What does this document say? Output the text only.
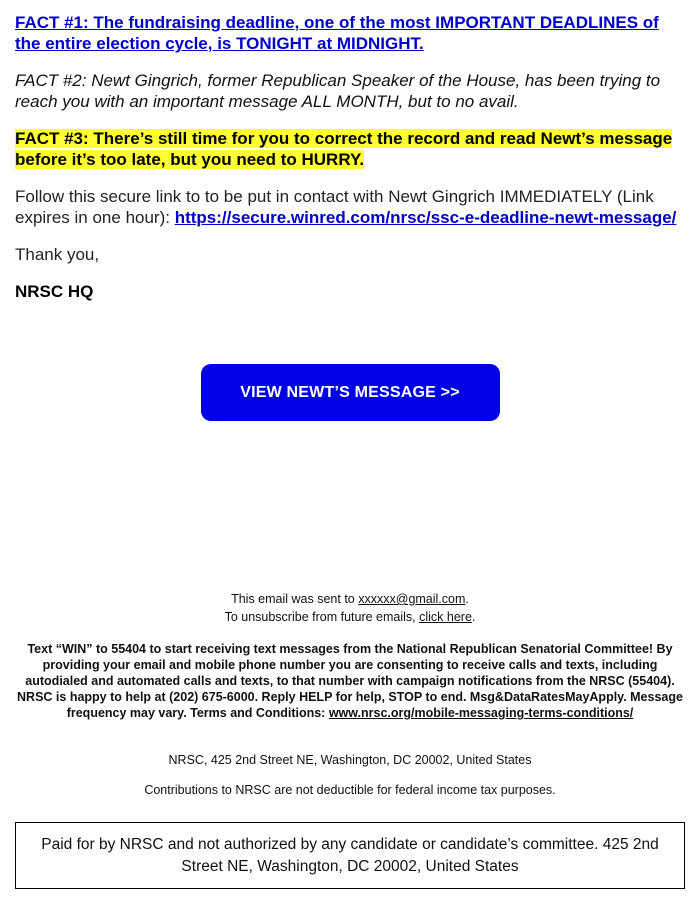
FACT #1: The fundraising deadline, one of the most IMPORTANT DEADLINES of the entire election cycle, is TONIGHT at MIDNIGHT.

FACT #2: Newt Gingrich, former Republican Speaker of the House, has been trying to reach you with an important message ALL MONTH, but to no avail.

FACT #3: There’s still time for you to correct the record and read Newt’s message before it’s too late, but you need to HURRY.

Follow this secure link to to be put in contact with Newt Gingrich IMMEDIATELY (Link expires in one hour): https://secure.winred.com/nrsc/ssc-e-deadline-newt-message/

Thank you,

NRSC HQ

VIEW NEWT’S MESSAGE >>
This email was sent to xxxxxx@gmail.com.
To unsubscribe from future emails, click here.
Text “WIN” to 55404 to start receiving text messages from the National Republican Senatorial Committee! By providing your email and mobile phone number you are consenting to receive calls and texts, including autodialed and automated calls and texts, to that number with campaign notifications from the NRSC (55404). NRSC is happy to help at (202) 675-6000. Reply HELP for help, STOP to end. Msg&DataRatesMayApply. Message frequency may vary. Terms and Conditions: www.nrsc.org/mobile-messaging-terms-conditions/
NRSC, 425 2nd Street NE, Washington, DC 20002, United States
Contributions to NRSC are not deductible for federal income tax purposes.
Paid for by NRSC and not authorized by any candidate or candidate’s committee. 425 2nd Street NE, Washington, DC 20002, United States
